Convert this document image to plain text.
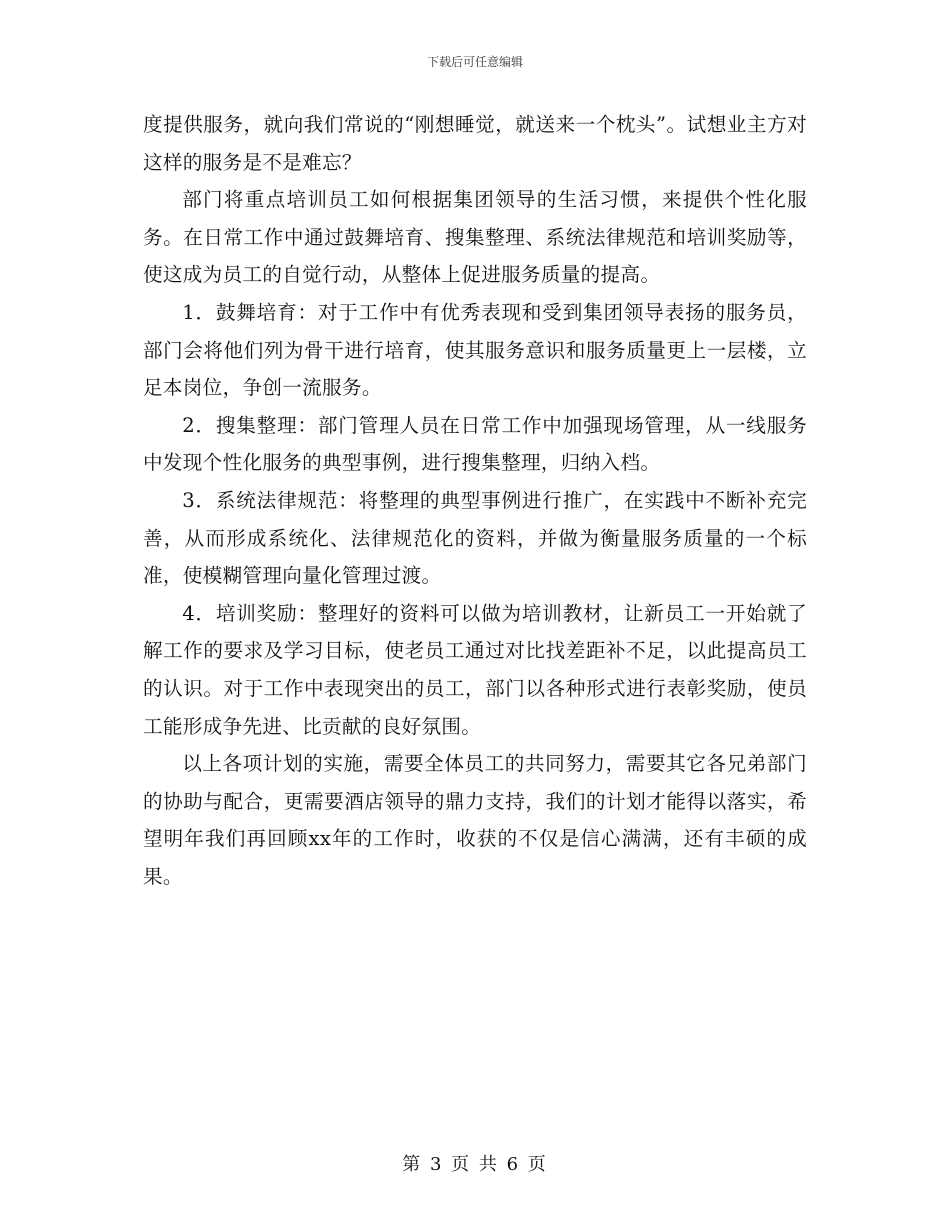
下载后可任意编辑

度提供服务，就向我们常说的“刚想睡觉，就送来一个枕头”。试想业主方对这样的服务是不是难忘？

部门将重点培训员工如何根据集团领导的生活习惯，来提供个性化服务。在日常工作中通过鼓舞培育、搜集整理、系统法律规范和培训奖励等，使这成为员工的自觉行动，从整体上促进服务质量的提高。

1．鼓舞培育：对于工作中有优秀表现和受到集团领导表扬的服务员，部门会将他们列为骨干进行培育，使其服务意识和服务质量更上一层楼，立足本岗位，争创一流服务。

2．搜集整理：部门管理人员在日常工作中加强现场管理，从一线服务中发现个性化服务的典型事例，进行搜集整理，归纳入档。

3．系统法律规范：将整理的典型事例进行推广，在实践中不断补充完善，从而形成系统化、法律规范化的资料，并做为衡量服务质量的一个标准，使模糊管理向量化管理过渡。

4．培训奖励：整理好的资料可以做为培训教材，让新员工一开始就了解工作的要求及学习目标，使老员工通过对比找差距补不足，以此提高员工的认识。对于工作中表现突出的员工，部门以各种形式进行表彰奖励，使员工能形成争先进、比贡献的良好氛围。

以上各项计划的实施，需要全体员工的共同努力，需要其它各兄弟部门的协助与配合，更需要酒店领导的鼎力支持，我们的计划才能得以落实，希望明年我们再回顾xx年的工作时，收获的不仅是信心满满，还有丰硕的成果。

第 3 页 共 6 页
